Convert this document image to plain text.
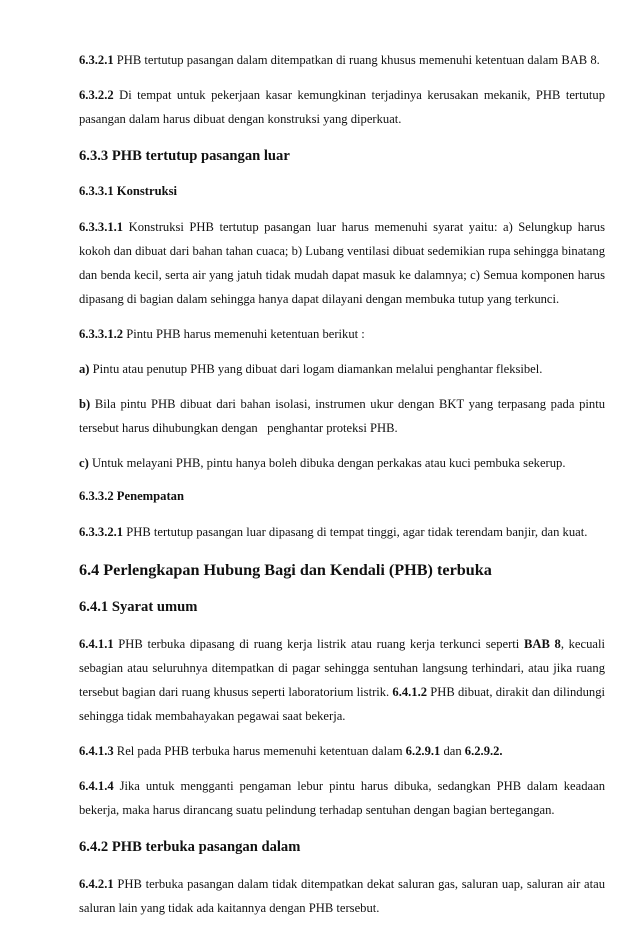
6.3.2.1 PHB tertutup pasangan dalam ditempatkan di ruang khusus memenuhi ketentuan dalam BAB 8.

6.3.2.2 Di tempat untuk pekerjaan kasar kemungkinan terjadinya kerusakan mekanik, PHB tertutup pasangan dalam harus dibuat dengan konstruksi yang diperkuat.

6.3.3 PHB tertutup pasangan luar
6.3.3.1 Konstruksi

6.3.3.1.1 Konstruksi PHB tertutup pasangan luar harus memenuhi syarat yaitu: a) Selungkup harus kokoh dan dibuat dari bahan tahan cuaca; b) Lubang ventilasi dibuat sedemikian rupa sehingga binatang dan benda kecil, serta air yang jatuh tidak mudah dapat masuk ke dalamnya; c) Semua komponen harus dipasang di bagian dalam sehingga hanya dapat dilayani dengan membuka tutup yang terkunci.

6.3.3.1.2 Pintu PHB harus memenuhi ketentuan berikut :

a) Pintu atau penutup PHB yang dibuat dari logam diamankan melalui penghantar fleksibel.

b) Bila pintu PHB dibuat dari bahan isolasi, instrumen ukur dengan BKT yang terpasang pada pintu tersebut harus dihubungkan dengan   penghantar proteksi PHB.

c) Untuk melayani PHB, pintu hanya boleh dibuka dengan perkakas atau kuci pembuka sekerup.

6.3.3.2 Penempatan

6.3.3.2.1 PHB tertutup pasangan luar dipasang di tempat tinggi, agar tidak terendam banjir, dan kuat.

6.4 Perlengkapan Hubung Bagi dan Kendali (PHB) terbuka
6.4.1 Syarat umum

6.4.1.1 PHB terbuka dipasang di ruang kerja listrik atau ruang kerja terkunci seperti BAB 8, kecuali sebagian atau seluruhnya ditempatkan di pagar sehingga sentuhan langsung terhindari, atau jika ruang tersebut bagian dari ruang khusus seperti laboratorium listrik. 6.4.1.2 PHB dibuat, dirakit dan dilindungi sehingga tidak membahayakan pegawai saat bekerja.

6.4.1.3 Rel pada PHB terbuka harus memenuhi ketentuan dalam 6.2.9.1 dan 6.2.9.2.

6.4.1.4 Jika untuk mengganti pengaman lebur pintu harus dibuka, sedangkan PHB dalam keadaan bekerja, maka harus dirancang suatu pelindung terhadap sentuhan dengan bagian bertegangan.

6.4.2 PHB terbuka pasangan dalam

6.4.2.1 PHB terbuka pasangan dalam tidak ditempatkan dekat saluran gas, saluran uap, saluran air atau saluran lain yang tidak ada kaitannya dengan PHB tersebut.
